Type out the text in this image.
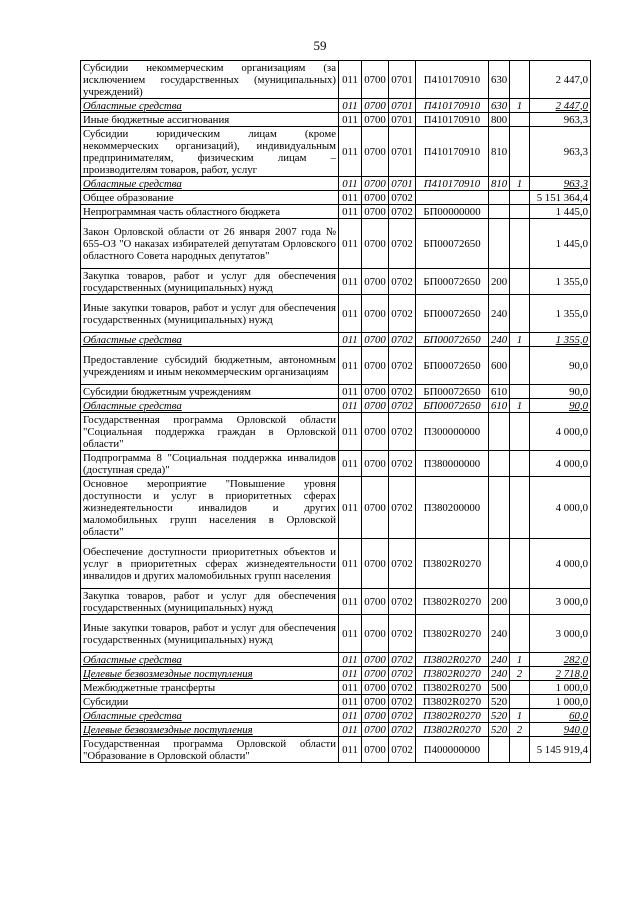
59
Субсидии некоммерческим организациям (за исключением государственных (муниципальных) учреждений)	011	0700	0701	П410170910	630		2 447,0
Областные средства	011	0700	0701	П410170910	630	1	2 447,0
Иные бюджетные ассигнования	011	0700	0701	П410170910	800		963,3
Субсидии юридическим лицам (кроме некоммерческих организаций), индивидуальным предпринимателям, физическим лицам – производителям товаров, работ, услуг	011	0700	0701	П410170910	810		963,3
Областные средства	011	0700	0701	П410170910	810	1	963,3
Общее образование	011	0700	0702				5 151 364,4
Непрограммная часть областного бюджета	011	0700	0702	БП00000000			1 445,0
Закон Орловской области от 26 января 2007 года № 655-ОЗ "О наказах избирателей депутатам Орловского областного Совета народных депутатов"	011	0700	0702	БП00072650			1 445,0
Закупка товаров, работ и услуг для обеспечения государственных (муниципальных) нужд	011	0700	0702	БП00072650	200		1 355,0
Иные закупки товаров, работ и услуг для обеспечения государственных (муниципальных) нужд	011	0700	0702	БП00072650	240		1 355,0
Областные средства	011	0700	0702	БП00072650	240	1	1 355,0
Предоставление субсидий бюджетным, автономным учреждениям и иным некоммерческим организациям	011	0700	0702	БП00072650	600		90,0
Субсидии бюджетным учреждениям	011	0700	0702	БП00072650	610		90,0
Областные средства	011	0700	0702	БП00072650	610	1	90,0
Государственная программа Орловской области "Социальная поддержка граждан в Орловской области"	011	0700	0702	П300000000			4 000,0
Подпрограмма 8 "Социальная поддержка инвалидов (доступная среда)"	011	0700	0702	П380000000			4 000,0
Основное мероприятие "Повышение уровня доступности и услуг в приоритетных сферах жизнедеятельности инвалидов и других маломобильных групп населения в Орловской области"	011	0700	0702	П380200000			4 000,0
Обеспечение доступности приоритетных объектов и услуг в приоритетных сферах жизнедеятельности инвалидов и других маломобильных групп населения	011	0700	0702	П3802R0270			4 000,0
Закупка товаров, работ и услуг для обеспечения государственных (муниципальных) нужд	011	0700	0702	П3802R0270	200		3 000,0
Иные закупки товаров, работ и услуг для обеспечения государственных (муниципальных) нужд	011	0700	0702	П3802R0270	240		3 000,0
Областные средства	011	0700	0702	П3802R0270	240	1	282,0
Целевые безвозмездные поступления	011	0700	0702	П3802R0270	240	2	2 718,0
Межбюджетные трансферты	011	0700	0702	П3802R0270	500		1 000,0
Субсидии	011	0700	0702	П3802R0270	520		1 000,0
Областные средства	011	0700	0702	П3802R0270	520	1	60,0
Целевые безвозмездные поступления	011	0700	0702	П3802R0270	520	2	940,0
Государственная программа Орловской области "Образование в Орловской области"	011	0700	0702	П400000000			5 145 919,4
